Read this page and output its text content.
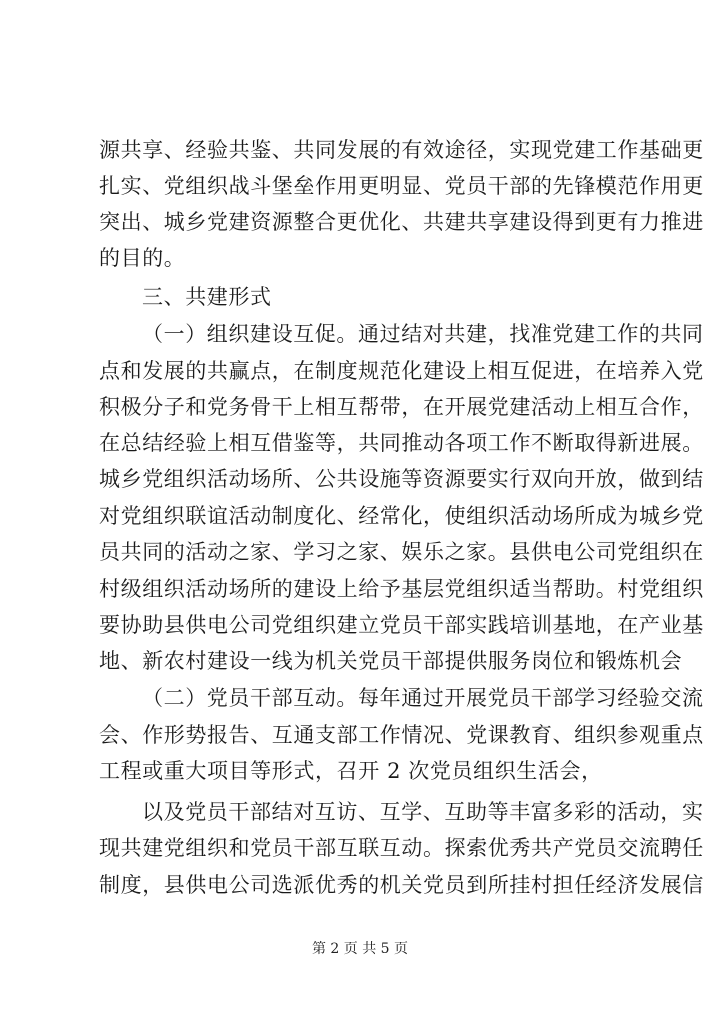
源共享、经验共鉴、共同发展的有效途径，实现党建工作基础更
扎实、党组织战斗堡垒作用更明显、党员干部的先锋模范作用更
突出、城乡党建资源整合更优化、共建共享建设得到更有力推进
的目的。
三、共建形式
（一）组织建设互促。通过结对共建，找准党建工作的共同
点和发展的共赢点，在制度规范化建设上相互促进，在培养入党
积极分子和党务骨干上相互帮带，在开展党建活动上相互合作，
在总结经验上相互借鉴等，共同推动各项工作不断取得新进展。
城乡党组织活动场所、公共设施等资源要实行双向开放，做到结
对党组织联谊活动制度化、经常化，使组织活动场所成为城乡党
员共同的活动之家、学习之家、娱乐之家。县供电公司党组织在
村级组织活动场所的建设上给予基层党组织适当帮助。村党组织
要协助县供电公司党组织建立党员干部实践培训基地，在产业基
地、新农村建设一线为机关党员干部提供服务岗位和锻炼机会
（二）党员干部互动。每年通过开展党员干部学习经验交流
会、作形势报告、互通支部工作情况、党课教育、组织参观重点
工程或重大项目等形式，召开 2 次党员组织生活会，
以及党员干部结对互访、互学、互助等丰富多彩的活动，实
现共建党组织和党员干部互联互动。探索优秀共产党员交流聘任
制度，县供电公司选派优秀的机关党员到所挂村担任经济发展信
第 2 页 共 5 页
